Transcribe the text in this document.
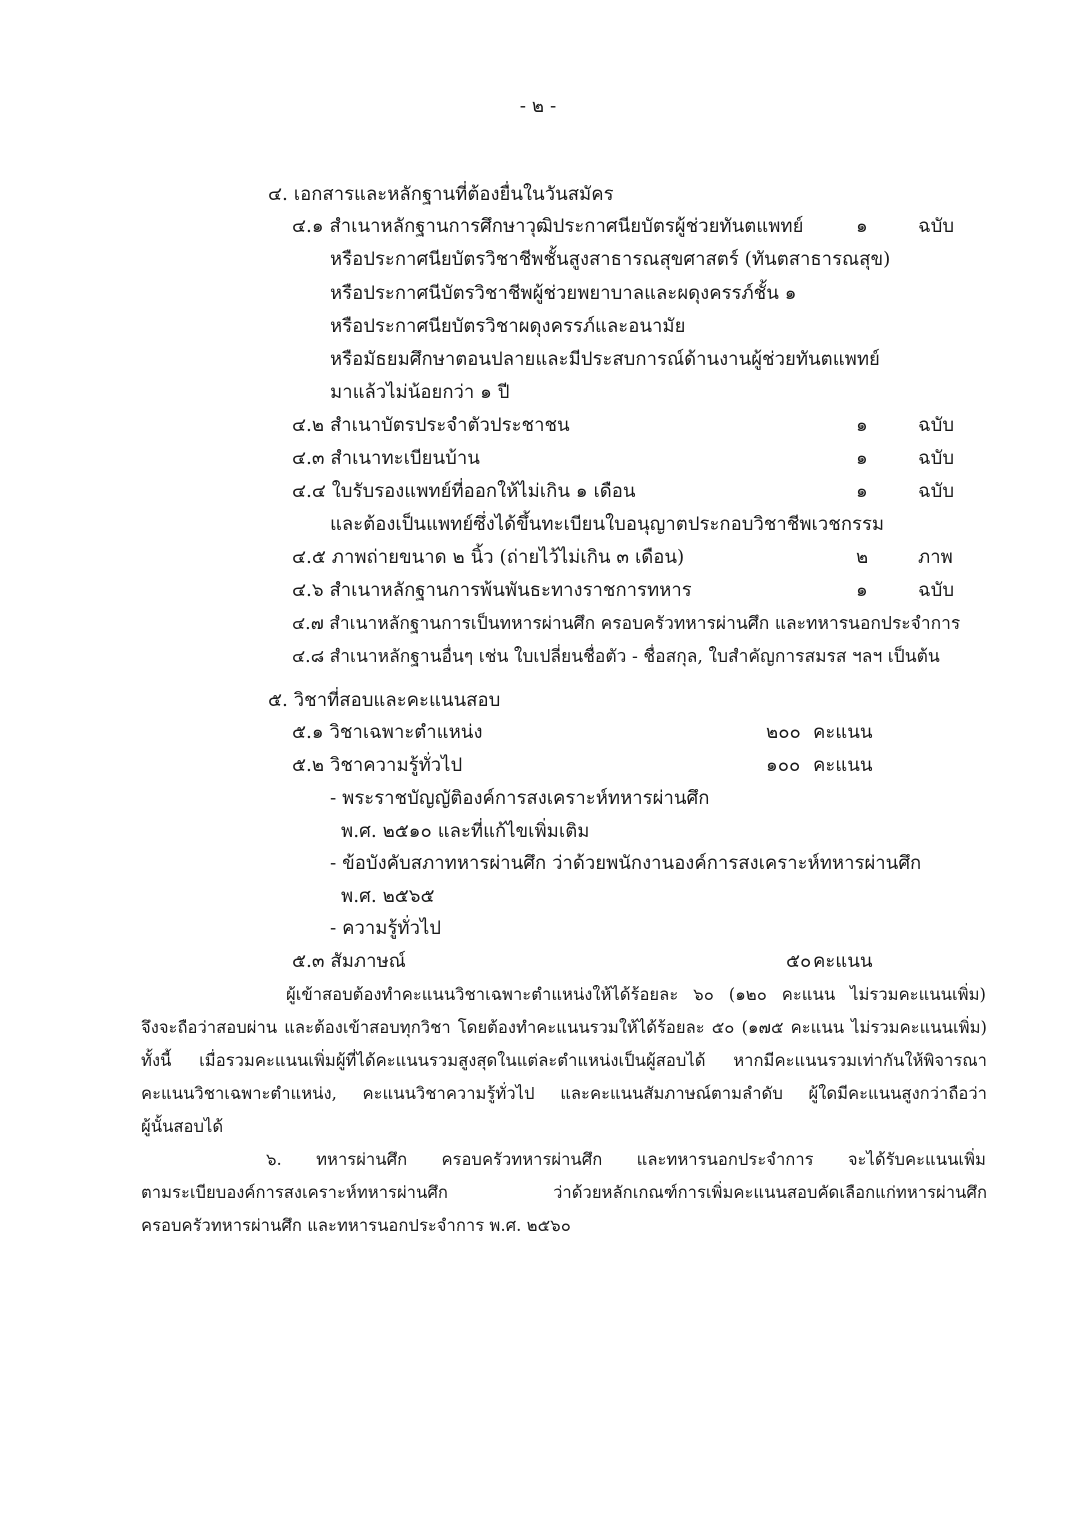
- ๒ -
๔. เอกสารและหลักฐานที่ต้องยื่นในวันสมัคร
๔.๑ สำเนาหลักฐานการศึกษาวุฒิประกาศนียบัตรผู้ช่วยทันตแพทย์	๑	ฉบับ
หรือประกาศนียบัตรวิชาชีพชั้นสูงสาธารณสุขศาสตร์ (ทันตสาธารณสุข)
หรือประกาศนีบัตรวิชาชีพผู้ช่วยพยาบาลและผดุงครรภ์ชั้น ๑
หรือประกาศนียบัตรวิชาผดุงครรภ์และอนามัย
หรือมัธยมศึกษาตอนปลายและมีประสบการณ์ด้านงานผู้ช่วยทันตแพทย์
มาแล้วไม่น้อยกว่า ๑ ปี
๔.๒ สำเนาบัตรประจำตัวประชาชน	๑	ฉบับ
๔.๓ สำเนาทะเบียนบ้าน	๑	ฉบับ
๔.๔ ใบรับรองแพทย์ที่ออกให้ไม่เกิน ๑ เดือน	๑	ฉบับ
และต้องเป็นแพทย์ซึ่งได้ขึ้นทะเบียนใบอนุญาตประกอบวิชาชีพเวชกรรม
๔.๕ ภาพถ่ายขนาด ๒ นิ้ว (ถ่ายไว้ไม่เกิน ๓ เดือน)	๒	ภาพ
๔.๖ สำเนาหลักฐานการพ้นพันธะทางราชการทหาร	๑	ฉบับ
๔.๗ สำเนาหลักฐานการเป็นทหารผ่านศึก ครอบครัวทหารผ่านศึก และทหารนอกประจำการ
๔.๘ สำเนาหลักฐานอื่นๆ เช่น ใบเปลี่ยนชื่อตัว - ชื่อสกุล, ใบสำคัญการสมรส ฯลฯ เป็นต้น
๕. วิชาที่สอบและคะแนนสอบ
๕.๑ วิชาเฉพาะตำแหน่ง	๒๐๐ คะแนน
๕.๒ วิชาความรู้ทั่วไป	๑๐๐ คะแนน
- พระราชบัญญัติองค์การสงเคราะห์ทหารผ่านศึก
พ.ศ. ๒๕๑๐ และที่แก้ไขเพิ่มเติม
- ข้อบังคับสภาทหารผ่านศึก ว่าด้วยพนักงานองค์การสงเคราะห์ทหารผ่านศึก
พ.ศ. ๒๕๖๕
- ความรู้ทั่วไป
๕.๓ สัมภาษณ์	๕๐ คะแนน
ผู้เข้าสอบต้องทำคะแนนวิชาเฉพาะตำแหน่งให้ได้ร้อยละ ๖๐ (๑๒๐ คะแนน ไม่รวมคะแนนเพิ่ม)
จึงจะถือว่าสอบผ่าน และต้องเข้าสอบทุกวิชา โดยต้องทำคะแนนรวมให้ได้ร้อยละ ๕๐ (๑๗๕ คะแนน ไม่รวมคะแนนเพิ่ม)
ทั้งนี้ เมื่อรวมคะแนนเพิ่มผู้ที่ได้คะแนนรวมสูงสุดในแต่ละตำแหน่งเป็นผู้สอบได้ หากมีคะแนนรวมเท่ากันให้พิจารณา
คะแนนวิชาเฉพาะตำแหน่ง, คะแนนวิชาความรู้ทั่วไป และคะแนนสัมภาษณ์ตามลำดับ ผู้ใดมีคะแนนสูงกว่าถือว่า
ผู้นั้นสอบได้
๖. ทหารผ่านศึก ครอบครัวทหารผ่านศึก และทหารนอกประจำการ จะได้รับคะแนนเพิ่ม
ตามระเบียบองค์การสงเคราะห์ทหารผ่านศึก ว่าด้วยหลักเกณฑ์การเพิ่มคะแนนสอบคัดเลือกแก่ทหารผ่านศึก
ครอบครัวทหารผ่านศึก และทหารนอกประจำการ พ.ศ. ๒๕๖๐
